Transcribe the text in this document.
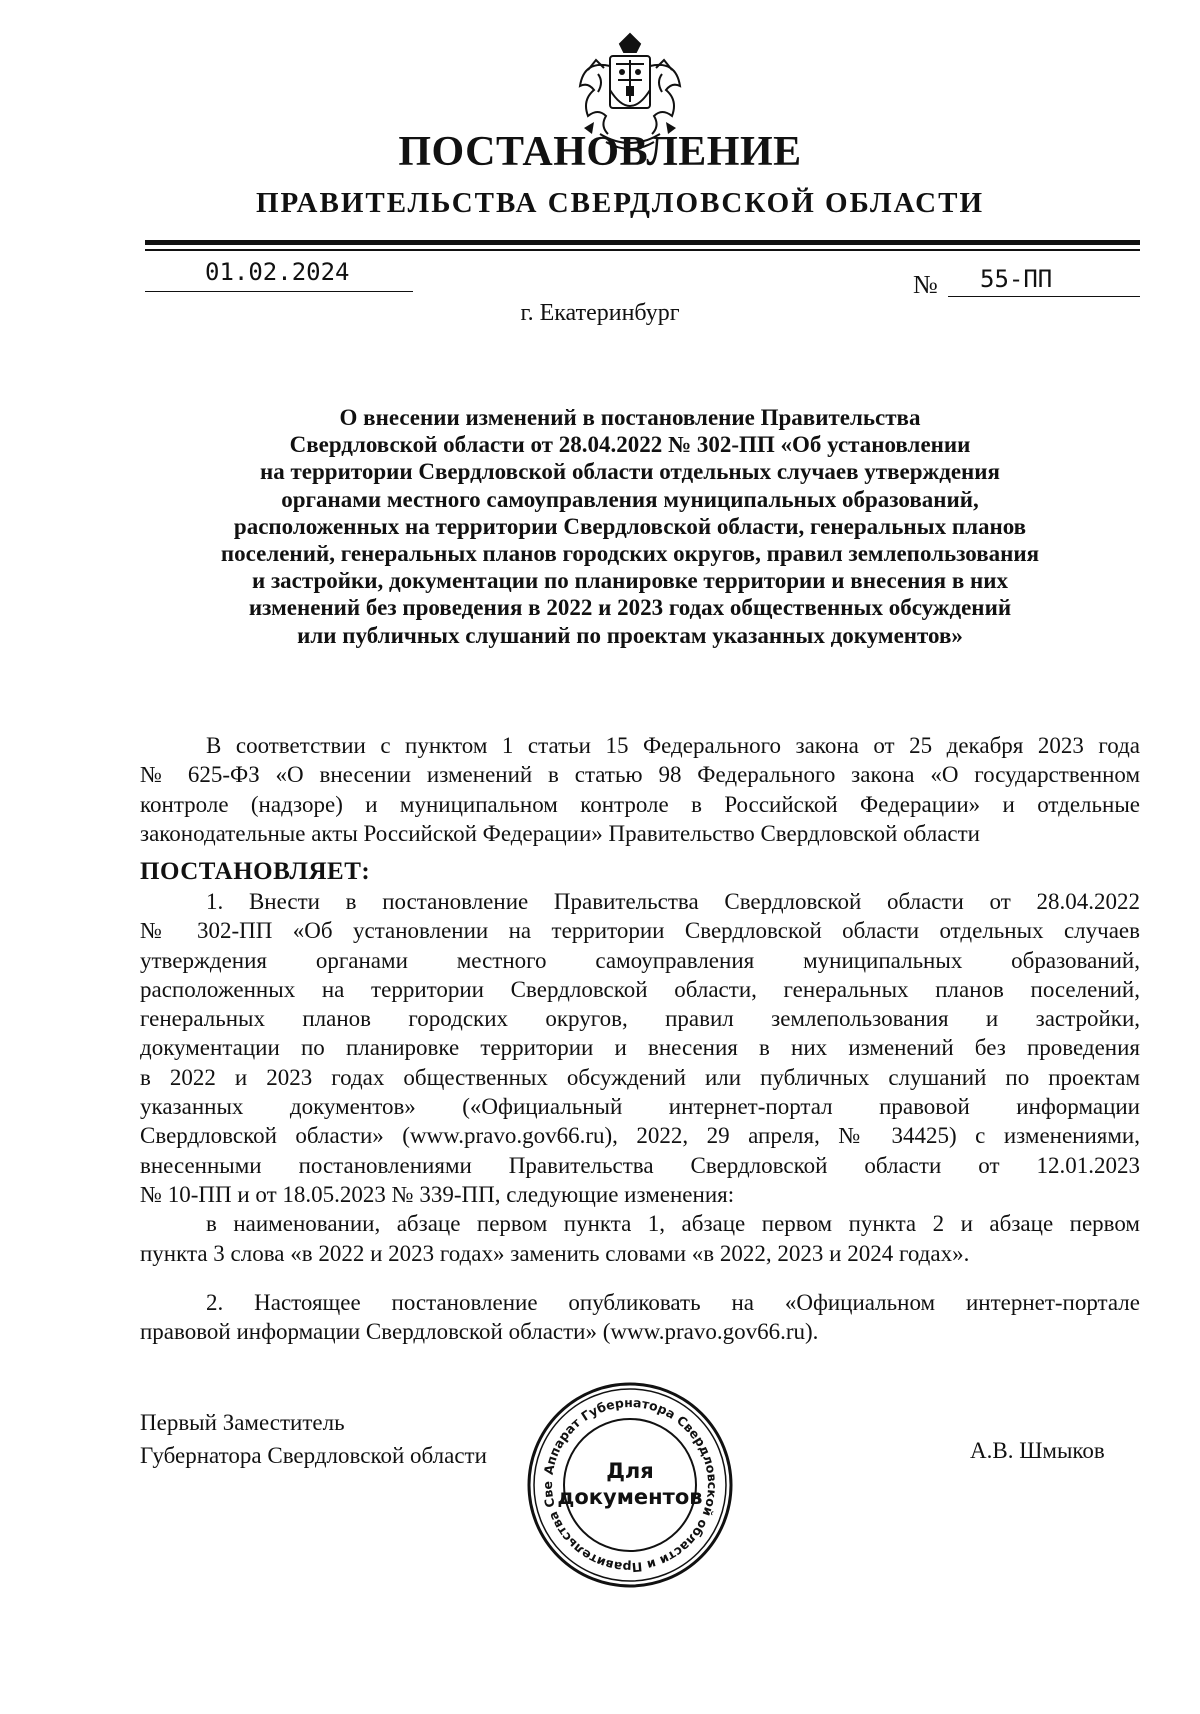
ПОСТАНОВЛЕНИЕ
ПРАВИТЕЛЬСТВА СВЕРДЛОВСКОЙ ОБЛАСТИ
01.02.2024	№ 55-ПП
г. Екатеринбург
О внесении изменений в постановление Правительства
Свердловской области от 28.04.2022 № 302-ПП «Об установлении
на территории Свердловской области отдельных случаев утверждения
органами местного самоуправления муниципальных образований,
расположенных на территории Свердловской области, генеральных планов
поселений, генеральных планов городских округов, правил землепользования
и застройки, документации по планировке территории и внесения в них
изменений без проведения в 2022 и 2023 годах общественных обсуждений
или публичных слушаний по проектам указанных документов»
В соответствии с пунктом 1 статьи 15 Федерального закона от 25 декабря 2023 года
№ 625-ФЗ «О внесении изменений в статью 98 Федерального закона «О государственном
контроле (надзоре) и муниципальном контроле в Российской Федерации» и отдельные
законодательные акты Российской Федерации» Правительство Свердловской области
ПОСТАНОВЛЯЕТ:
1. Внести в постановление Правительства Свердловской области от 28.04.2022
№ 302-ПП «Об установлении на территории Свердловской области отдельных случаев
утверждения органами местного самоуправления муниципальных образований,
расположенных на территории Свердловской области, генеральных планов поселений,
генеральных планов городских округов, правил землепользования и застройки,
документации по планировке территории и внесения в них изменений без проведения
в 2022 и 2023 годах общественных обсуждений или публичных слушаний по проектам
указанных документов» («Официальный интернет-портал правовой информации
Свердловской области» (www.pravo.gov66.ru), 2022, 29 апреля, № 34425) с изменениями,
внесенными постановлениями Правительства Свердловской области от 12.01.2023
№ 10-ПП и от 18.05.2023 № 339-ПП, следующие изменения:
в наименовании, абзаце первом пункта 1, абзаце первом пункта 2 и абзаце первом
пункта 3 слова «в 2022 и 2023 годах» заменить словами «в 2022, 2023 и 2024 годах».
2. Настоящее постановление опубликовать на «Официальном интернет-портале
правовой информации Свердловской области» (www.pravo.gov66.ru).
Первый Заместитель
Губернатора Свердловской области	А.В. Шмыков
Аппарат Губернатора Свердловской области и Правительства Све
Для
документов
